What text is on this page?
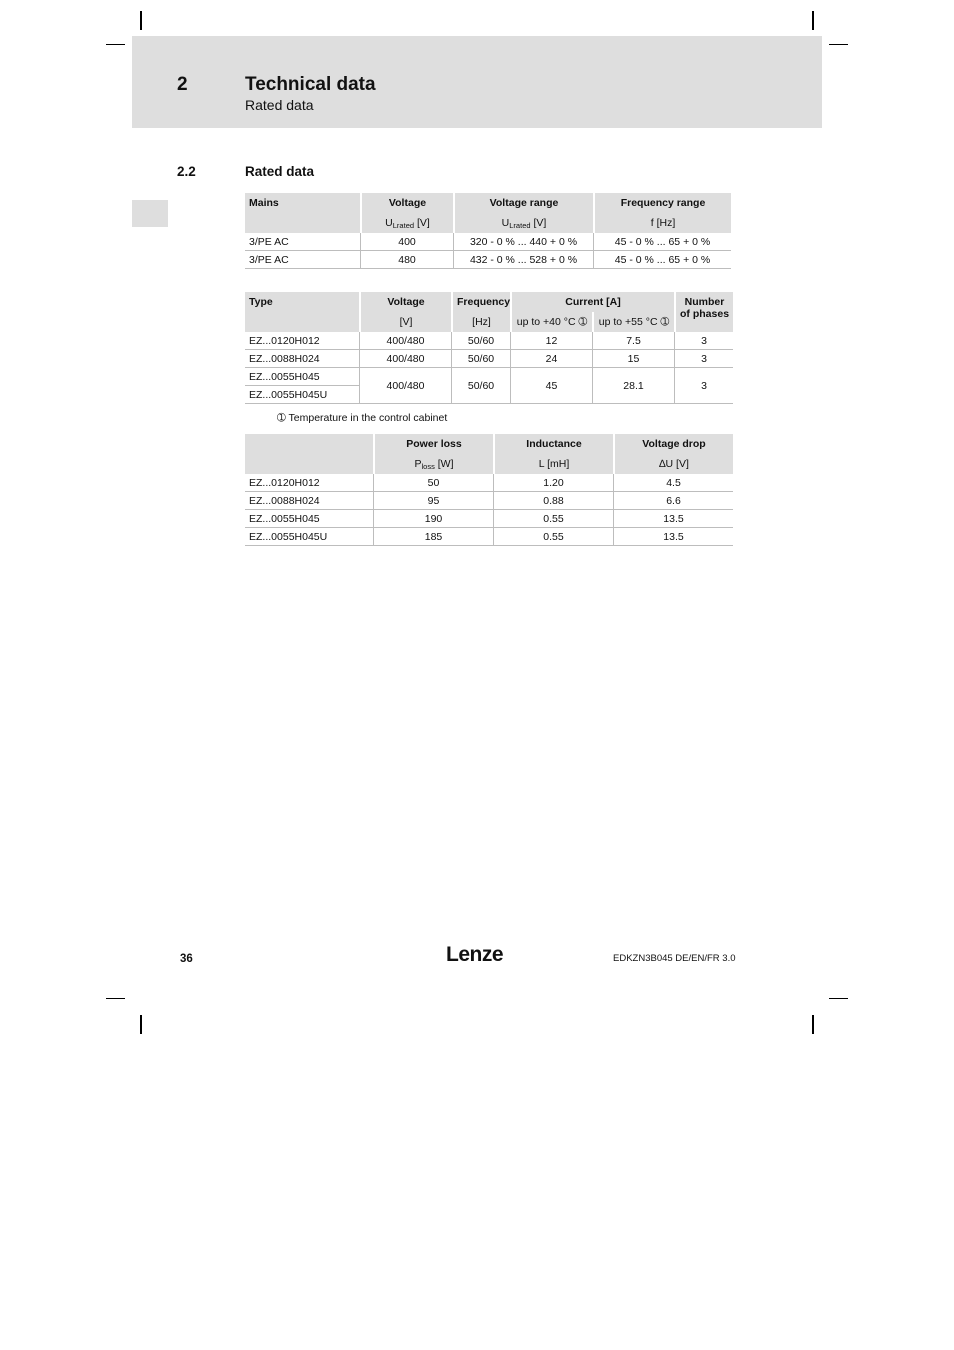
2	Technical data
Rated data
2.2	Rated data
Mains	Voltage	Voltage range	Frequency range
	$U_{Lrated}$ [V]	$U_{Lrated}$ [V]	f [Hz]
3/PE AC	400	320 - 0 % ... 440 + 0 %	45 - 0 % ... 65 + 0 %
3/PE AC	480	432 - 0 % ... 528 + 0 %	45 - 0 % ... 65 + 0 %
Type	Voltage	Frequency	Current [A]		Number
of phases

	[V]	[Hz]	up to +40 °C ➀	up to +55 °C ➀	
EZ...0120H012	400/480	50/60	12	7.5	3
EZ...0088H024	400/480	50/60	24	15	3
EZ...0055H045	400/480	50/60	45	28.1	3
EZ...0055H045U					
➀ Temperature in the control cabinet
	Power loss	Inductance	Voltage drop
	$P_{loss}$ [W]	L [mH]	∆U [V]
EZ...0120H012	50	1.20	4.5
EZ...0088H024	95	0.88	6.6
EZ...0055H045	190	0.55	13.5
EZ...0055H045U	185	0.55	13.5
36	Lenze	EDKZN3B045 DE/EN/FR 3.0
